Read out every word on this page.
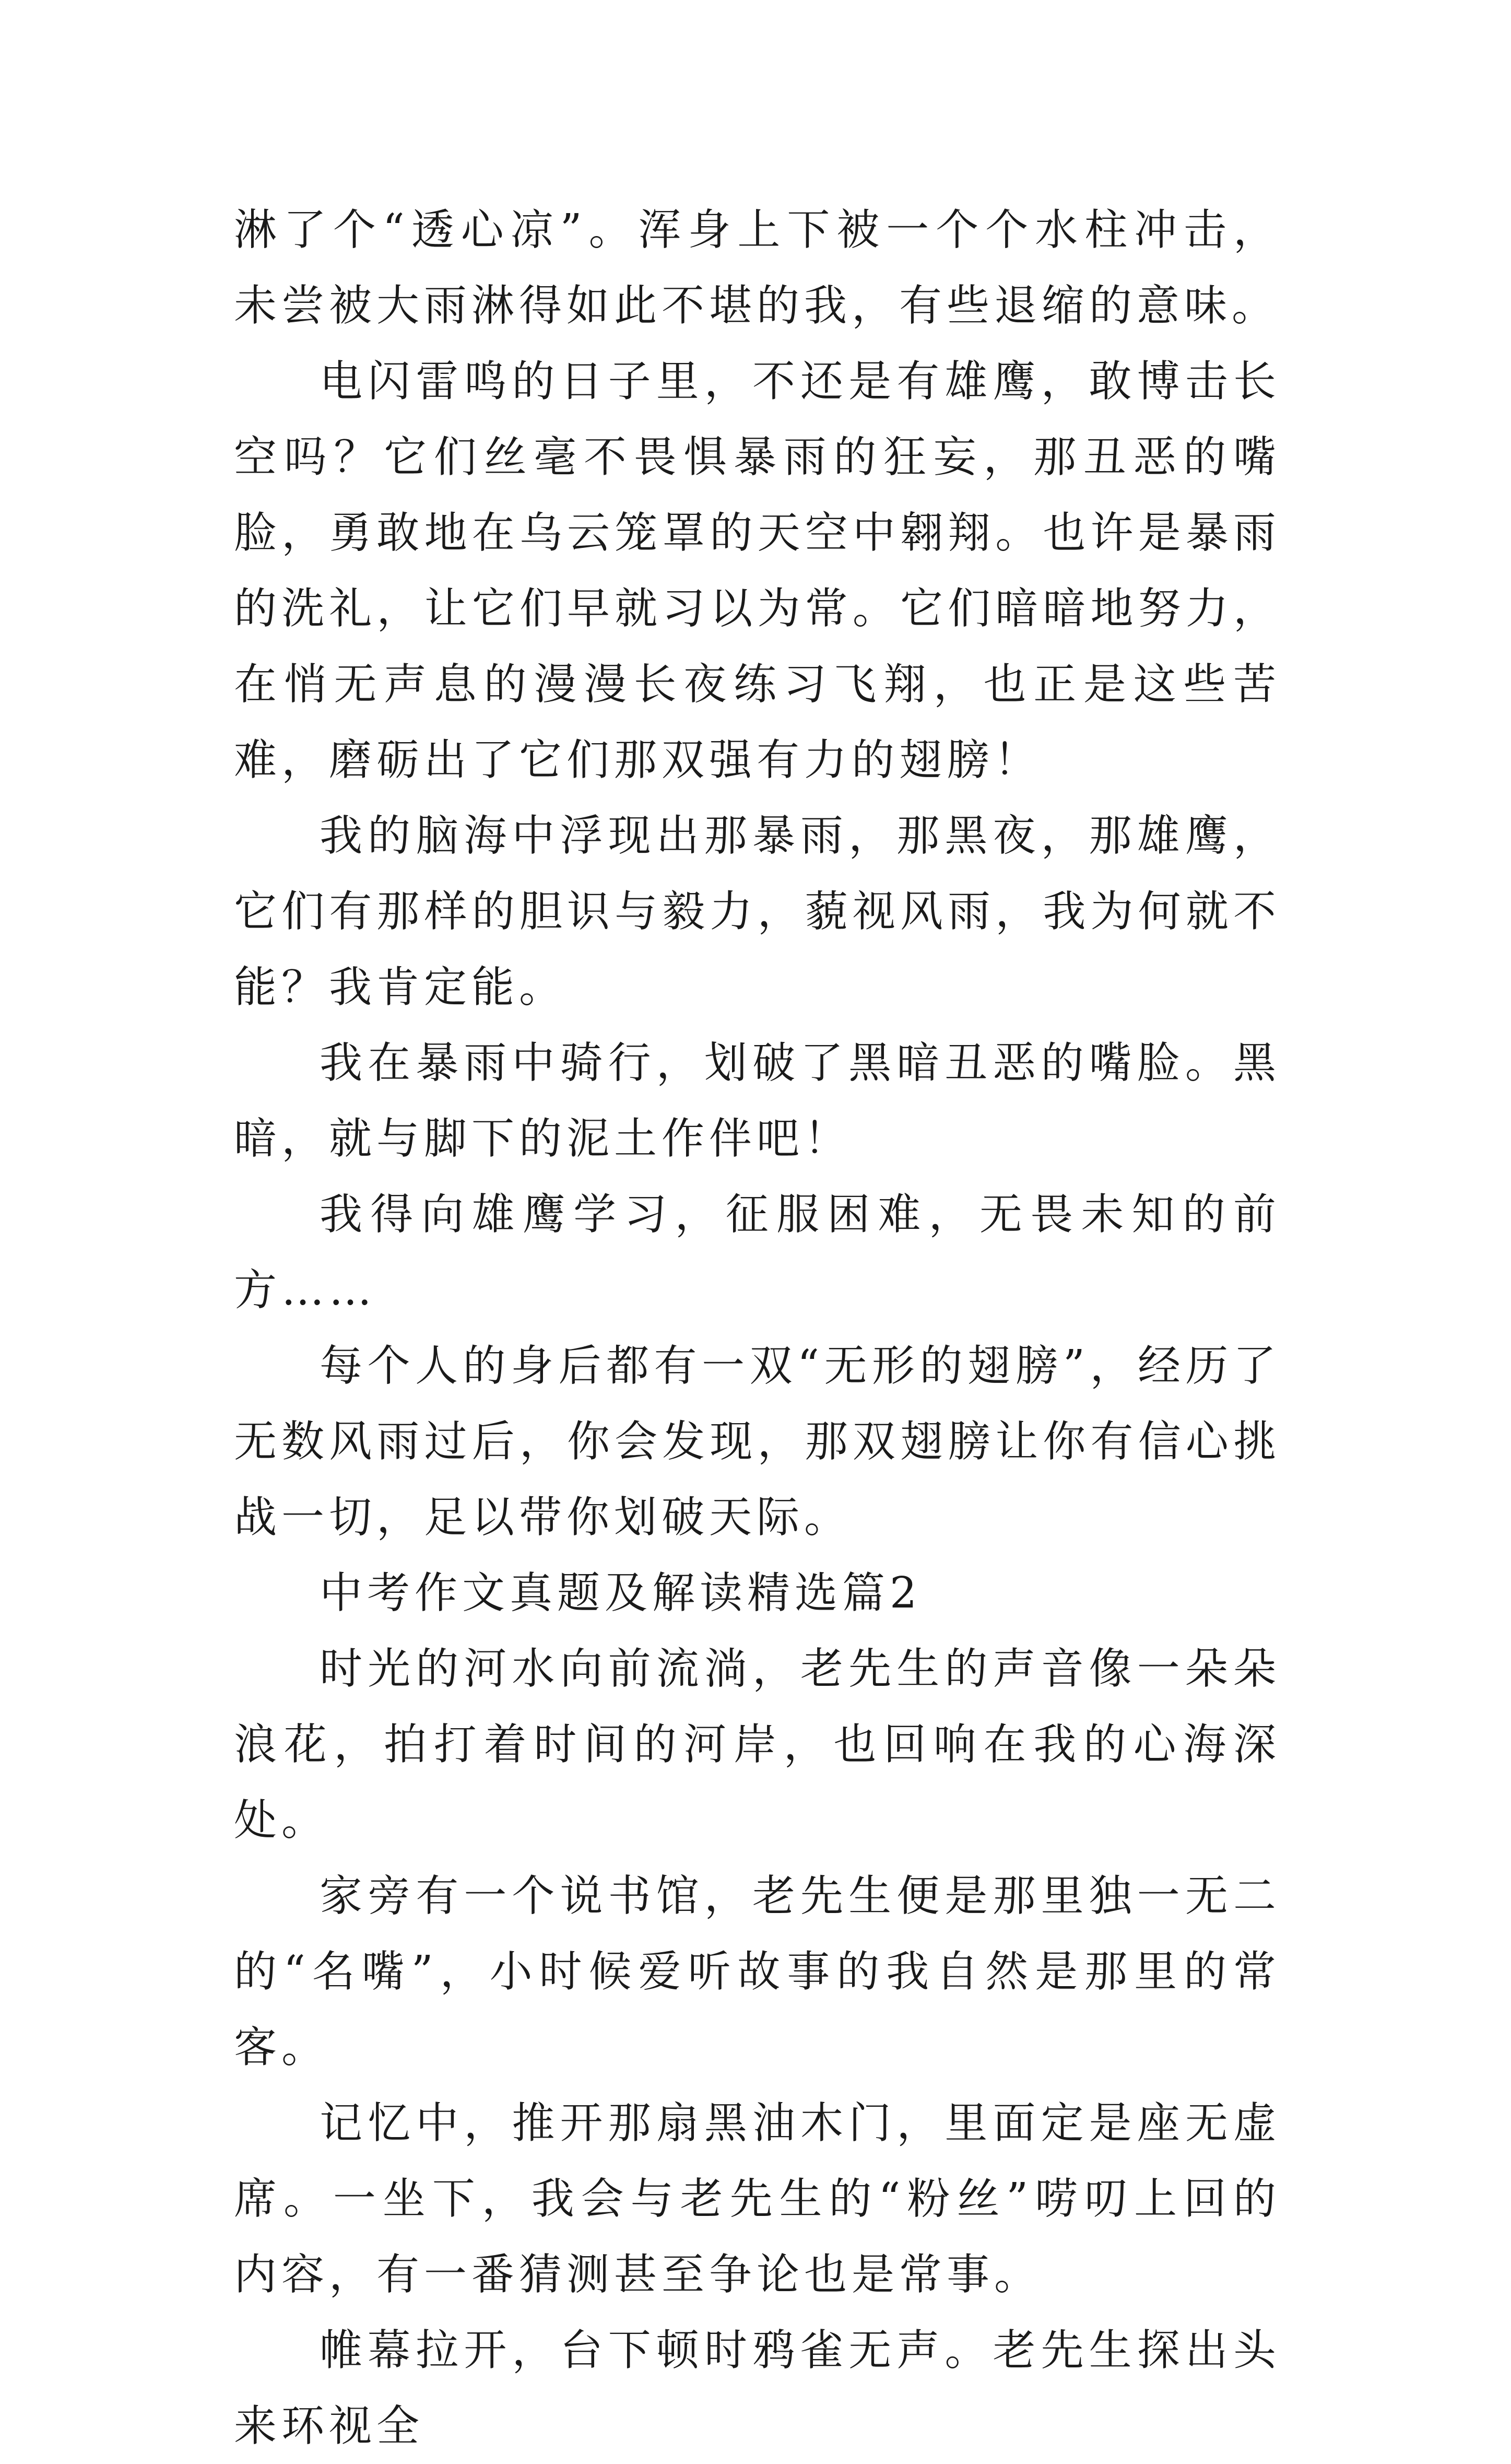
淋了个“透心凉”。浑身上下被一个个水柱冲击，未尝被大雨淋得如此不堪的我，有些退缩的意味。

电闪雷鸣的日子里，不还是有雄鹰，敢博击长空吗？它们丝毫不畏惧暴雨的狂妄，那丑恶的嘴脸，勇敢地在乌云笼罩的天空中翱翔。也许是暴雨的洗礼，让它们早就习以为常。它们暗暗地努力，在悄无声息的漫漫长夜练习飞翔，也正是这些苦难，磨砺出了它们那双强有力的翅膀！

我的脑海中浮现出那暴雨，那黑夜，那雄鹰，它们有那样的胆识与毅力，藐视风雨，我为何就不能？我肯定能。

我在暴雨中骑行，划破了黑暗丑恶的嘴脸。黑暗，就与脚下的泥土作伴吧！

我得向雄鹰学习，征服困难，无畏未知的前方……

每个人的身后都有一双“无形的翅膀”，经历了无数风雨过后，你会发现，那双翅膀让你有信心挑战一切，足以带你划破天际。

中考作文真题及解读精选篇2

时光的河水向前流淌，老先生的声音像一朵朵浪花，拍打着时间的河岸，也回响在我的心海深处。

家旁有一个说书馆，老先生便是那里独一无二的“名嘴”，小时候爱听故事的我自然是那里的常客。

记忆中，推开那扇黑油木门，里面定是座无虚席。一坐下，我会与老先生的“粉丝”唠叨上回的内容，有一番猜测甚至争论也是常事。

帷幕拉开，台下顿时鸦雀无声。老先生探出头来环视全
